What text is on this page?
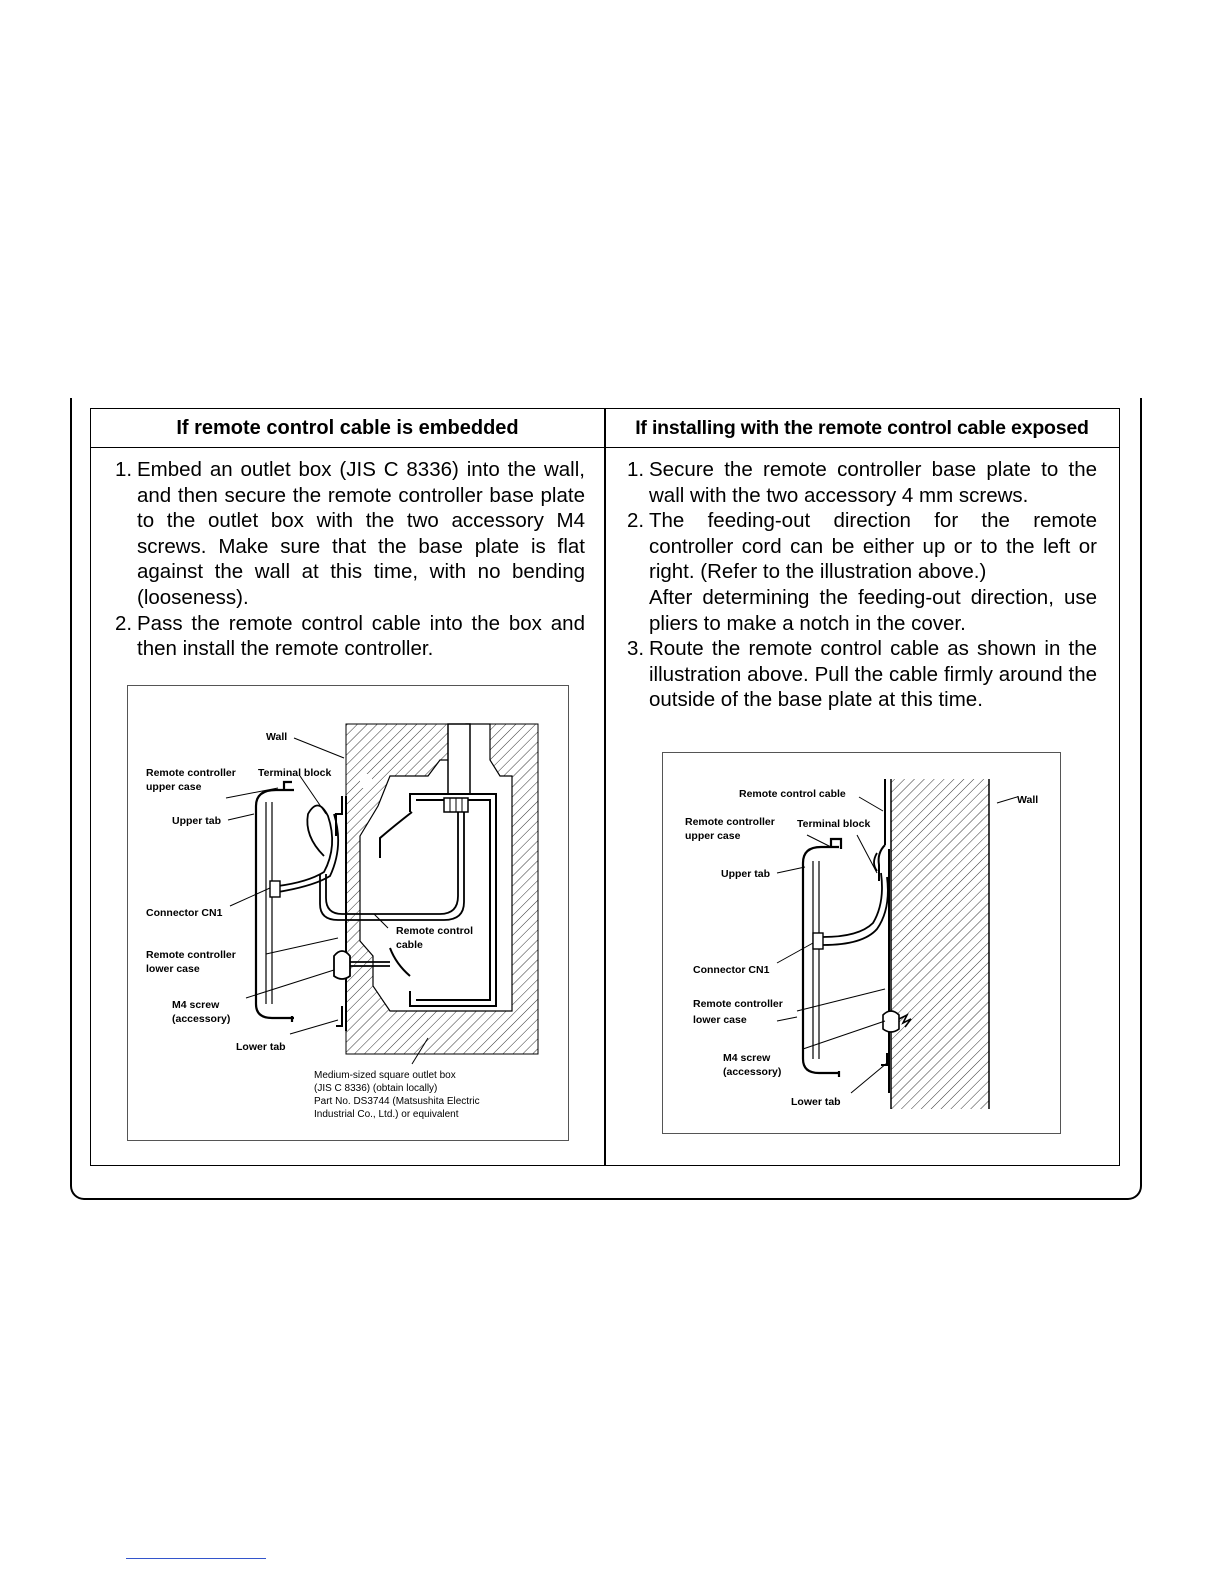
If remote control cable is embedded	If installing with the remote control cable exposed
1. Embed an outlet box (JIS C 8336) into the wall, and then secure the remote controller base plate to the outlet box with the two accessory M4 screws. Make sure that the base plate is flat against the wall at this time, with no bending (looseness).
2. Pass the remote control cable into the box and then install the remote controller.
Wall
Remote controller
upper case
Terminal block
Upper tab
Connector CN1
Remote control
cable
Remote controller
lower case
M4 screw
(accessory)
Lower tab
Medium-sized square outlet box
(JIS C 8336) (obtain locally)
Part No. DS3744 (Matsushita Electric
Industrial Co., Ltd.) or equivalent
1. Secure the remote controller base plate to the wall with the two accessory 4 mm screws.
2. The feeding-out direction for the remote controller cord can be either up or to the left or right. (Refer to the illustration above.)
After determining the feeding-out direction, use pliers to make a notch in the cover.
3. Route the remote control cable as shown in the illustration above. Pull the cable firmly around the outside of the base plate at this time.
Remote control cable	Wall
Remote controller
upper case
Terminal block
Upper tab
Connector CN1
Remote controller
lower case
M4 screw
(accessory)
Lower tab
